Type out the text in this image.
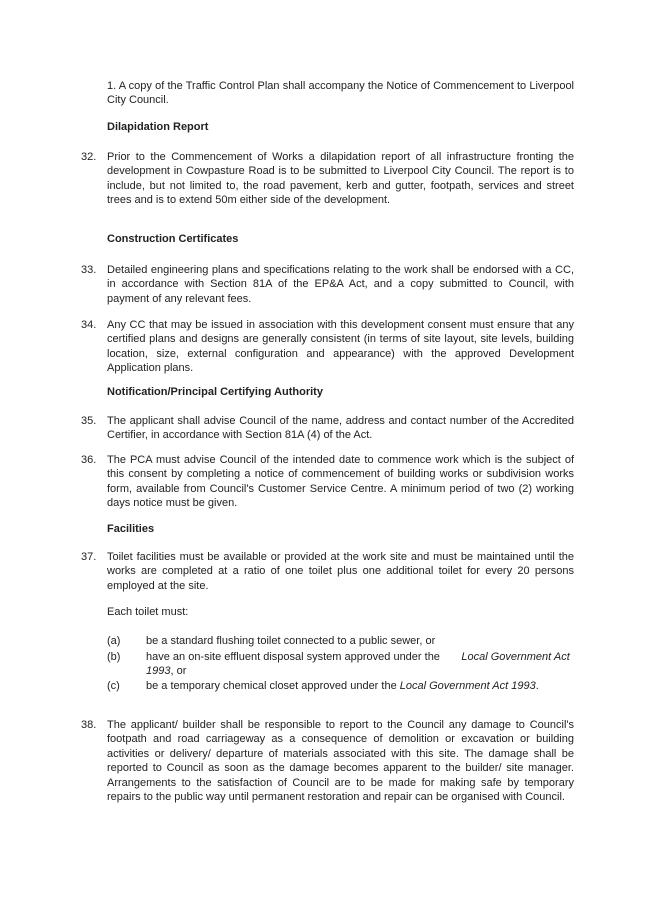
1. A copy of the Traffic Control Plan shall accompany the Notice of Commencement to Liverpool City Council.

Dilapidation Report
32. Prior to the Commencement of Works a dilapidation report of all infrastructure fronting the development in Cowpasture Road is to be submitted to Liverpool City Council. The report is to include, but not limited to, the road pavement, kerb and gutter, footpath, services and street trees and is to extend 50m either side of the development.

Construction Certificates
33. Detailed engineering plans and specifications relating to the work shall be endorsed with a CC, in accordance with Section 81A of the EP&A Act, and a copy submitted to Council, with payment of any relevant fees.

34. Any CC that may be issued in association with this development consent must ensure that any certified plans and designs are generally consistent (in terms of site layout, site levels, building location, size, external configuration and appearance) with the approved Development Application plans.

Notification/Principal Certifying Authority
35. The applicant shall advise Council of the name, address and contact number of the Accredited Certifier, in accordance with Section 81A (4) of the Act.

36. The PCA must advise Council of the intended date to commence work which is the subject of this consent by completing a notice of commencement of building works or subdivision works form, available from Council's Customer Service Centre. A minimum period of two (2) working days notice must be given.

Facilities
37. Toilet facilities must be available or provided at the work site and must be maintained until the works are completed at a ratio of one toilet plus one additional toilet for every 20 persons employed at the site.

Each toilet must:
(a) be a standard flushing toilet connected to a public sewer, or
(b) have an on-site effluent disposal system approved under the Local Government Act 1993, or
(c) be a temporary chemical closet approved under the Local Government Act 1993.
38. The applicant/ builder shall be responsible to report to the Council any damage to Council's footpath and road carriageway as a consequence of demolition or excavation or building activities or delivery/ departure of materials associated with this site. The damage shall be reported to Council as soon as the damage becomes apparent to the builder/ site manager. Arrangements to the satisfaction of Council are to be made for making safe by temporary repairs to the public way until permanent restoration and repair can be organised with Council.
